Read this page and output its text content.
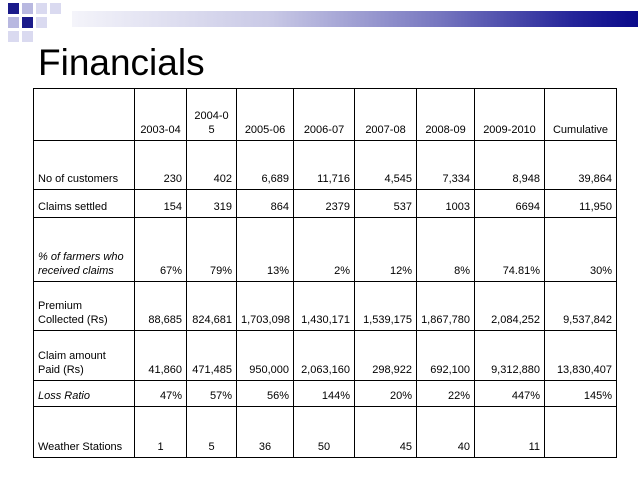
Financials
	2003-04	2004-0 5	2005-06	2006-07	2007-08	2008-09	2009-2010	Cumulative
No of customers	230	402	6,689	11,716	4,545	7,334	8,948	39,864
Claims settled	154	319	864	2379	537	1003	6694	11,950
% of farmers who received claims	67%	79%	13%	2%	12%	8%	74.81%	30%
Premium Collected (Rs)	88,685	824,681	1,703,098	1,430,171	1,539,175	1,867,780	2,084,252	9,537,842
Claim amount Paid (Rs)	41,860	471,485	950,000	2,063,160	298,922	692,100	9,312,880	13,830,407
Loss Ratio	47%	57%	56%	144%	20%	22%	447%	145%
Weather Stations	1	5	36	50	45	40	11	
